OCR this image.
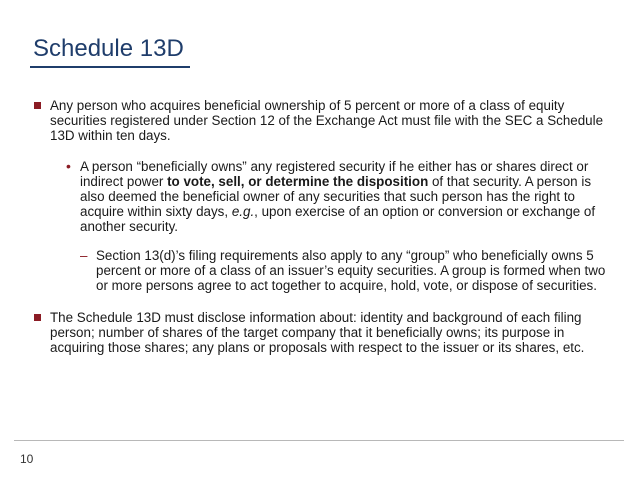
Schedule 13D
Any person who acquires beneficial ownership of 5 percent or more of a class of equity securities registered under Section 12 of the Exchange Act must file with the SEC a Schedule 13D within ten days.
• A person “beneficially owns” any registered security if he either has or shares direct or indirect power to vote, sell, or determine the disposition of that security. A person is also deemed the beneficial owner of any securities that such person has the right to acquire within sixty days, e.g., upon exercise of an option or conversion or exchange of another security.
– Section 13(d)’s filing requirements also apply to any “group” who beneficially owns 5 percent or more of a class of an issuer’s equity securities. A group is formed when two or more persons agree to act together to acquire, hold, vote, or dispose of securities.
The Schedule 13D must disclose information about: identity and background of each filing person; number of shares of the target company that it beneficially owns; its purpose in acquiring those shares; any plans or proposals with respect to the issuer or its shares, etc.
10
